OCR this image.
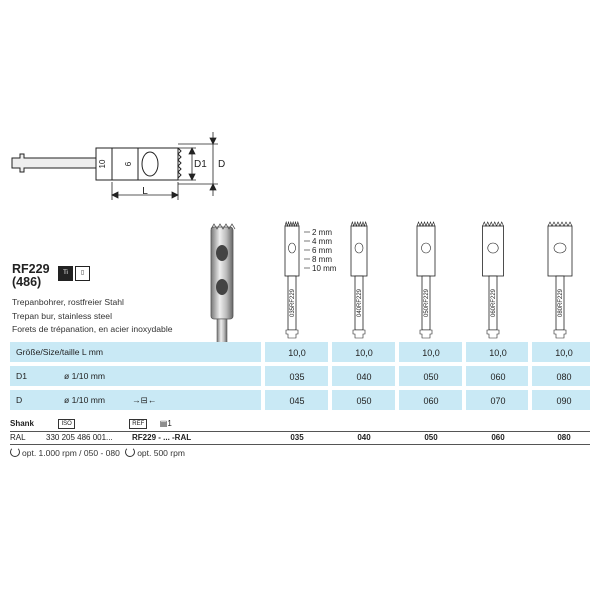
10 6
L
D1 D
035RF229	040RF229	050RF229	060RF229	080RF229
2 mm
4 mm
6 mm
8 mm
10 mm
RF229
(486)
Ti ▯
Trepanbohrer, rostfreier Stahl
Trepan bur, stainless steel
Forets de trépanation, en acier inoxydable
Größe/Size/taille L mm	10,0	10,0	10,0	10,0	10,0
D1	ø 1/10 mm	035	040	050	060	080
D	ø 1/10 mm	→⊟←	045	050	060	070	090
Shank	ISO	REF ▤1
RAL	330 205 486 001... RF229 - ... -RAL	035	040	050	060	080
opt. 1.000 rpm / 050 - 080 opt. 500 rpm
